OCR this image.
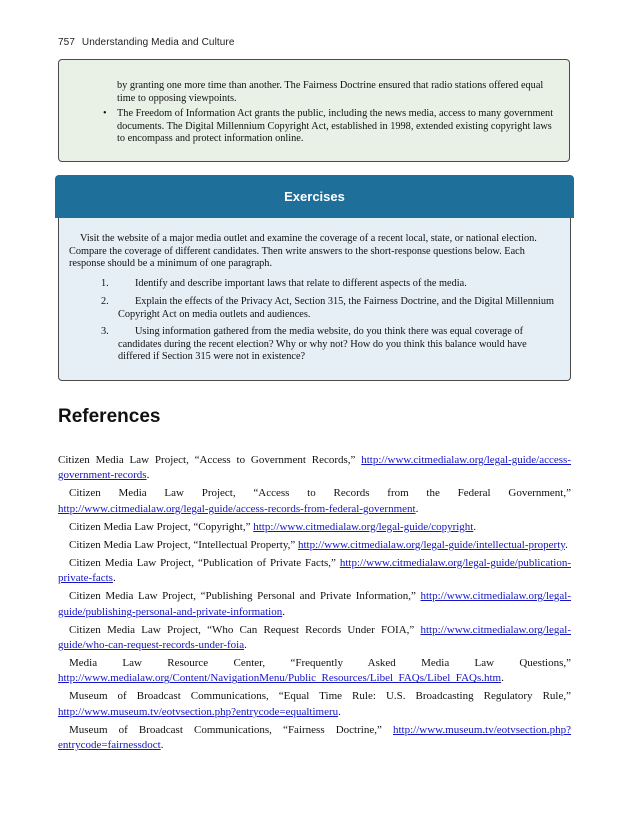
757 Understanding Media and Culture

by granting one more time than another. The Fairness Doctrine ensured that radio stations offered equal time to opposing viewpoints.

• The Freedom of Information Act grants the public, including the news media, access to many government documents. The Digital Millennium Copyright Act, established in 1998, extended existing copyright laws to encompass and protect information online.

Exercises

Visit the website of a major media outlet and examine the coverage of a recent local, state, or national election. Compare the coverage of different candidates. Then write answers to the short-response questions below. Each response should be a minimum of one paragraph.

1.	Identify and describe important laws that relate to different aspects of the media.

2.	Explain the effects of the Privacy Act, Section 315, the Fairness Doctrine, and the Digital Millennium Copyright Act on media outlets and audiences.

3.	Using information gathered from the media website, do you think there was equal coverage of candidates during the recent election? Why or why not? How do you think this balance would have differed if Section 315 were not in existence?

References

Citizen Media Law Project, “Access to Government Records,” http://www.citmedialaw.org/legal-guide/access-government-records.

Citizen Media Law Project, “Access to Records from the Federal Government,” http://www.citmedialaw.org/legal-guide/access-records-from-federal-government.

Citizen Media Law Project, “Copyright,” http://www.citmedialaw.org/legal-guide/copyright.

Citizen Media Law Project, “Intellectual Property,” http://www.citmedialaw.org/legal-guide/intellectual-property.

Citizen Media Law Project, “Publication of Private Facts,” http://www.citmedialaw.org/legal-guide/publication-private-facts.

Citizen Media Law Project, “Publishing Personal and Private Information,” http://www.citmedialaw.org/legal-guide/publishing-personal-and-private-information.

Citizen Media Law Project, “Who Can Request Records Under FOIA,” http://www.citmedialaw.org/legal-guide/who-can-request-records-under-foia.

Media Law Resource Center, “Frequently Asked Media Law Questions,” http://www.medialaw.org/Content/NavigationMenu/Public_Resources/Libel_FAQs/Libel_FAQs.htm.

Museum of Broadcast Communications, “Equal Time Rule: U.S. Broadcasting Regulatory Rule,” http://www.museum.tv/eotvsection.php?entrycode=equaltimeru.

Museum of Broadcast Communications, “Fairness Doctrine,” http://www.museum.tv/eotvsection.php?entrycode=fairnessdoct.
